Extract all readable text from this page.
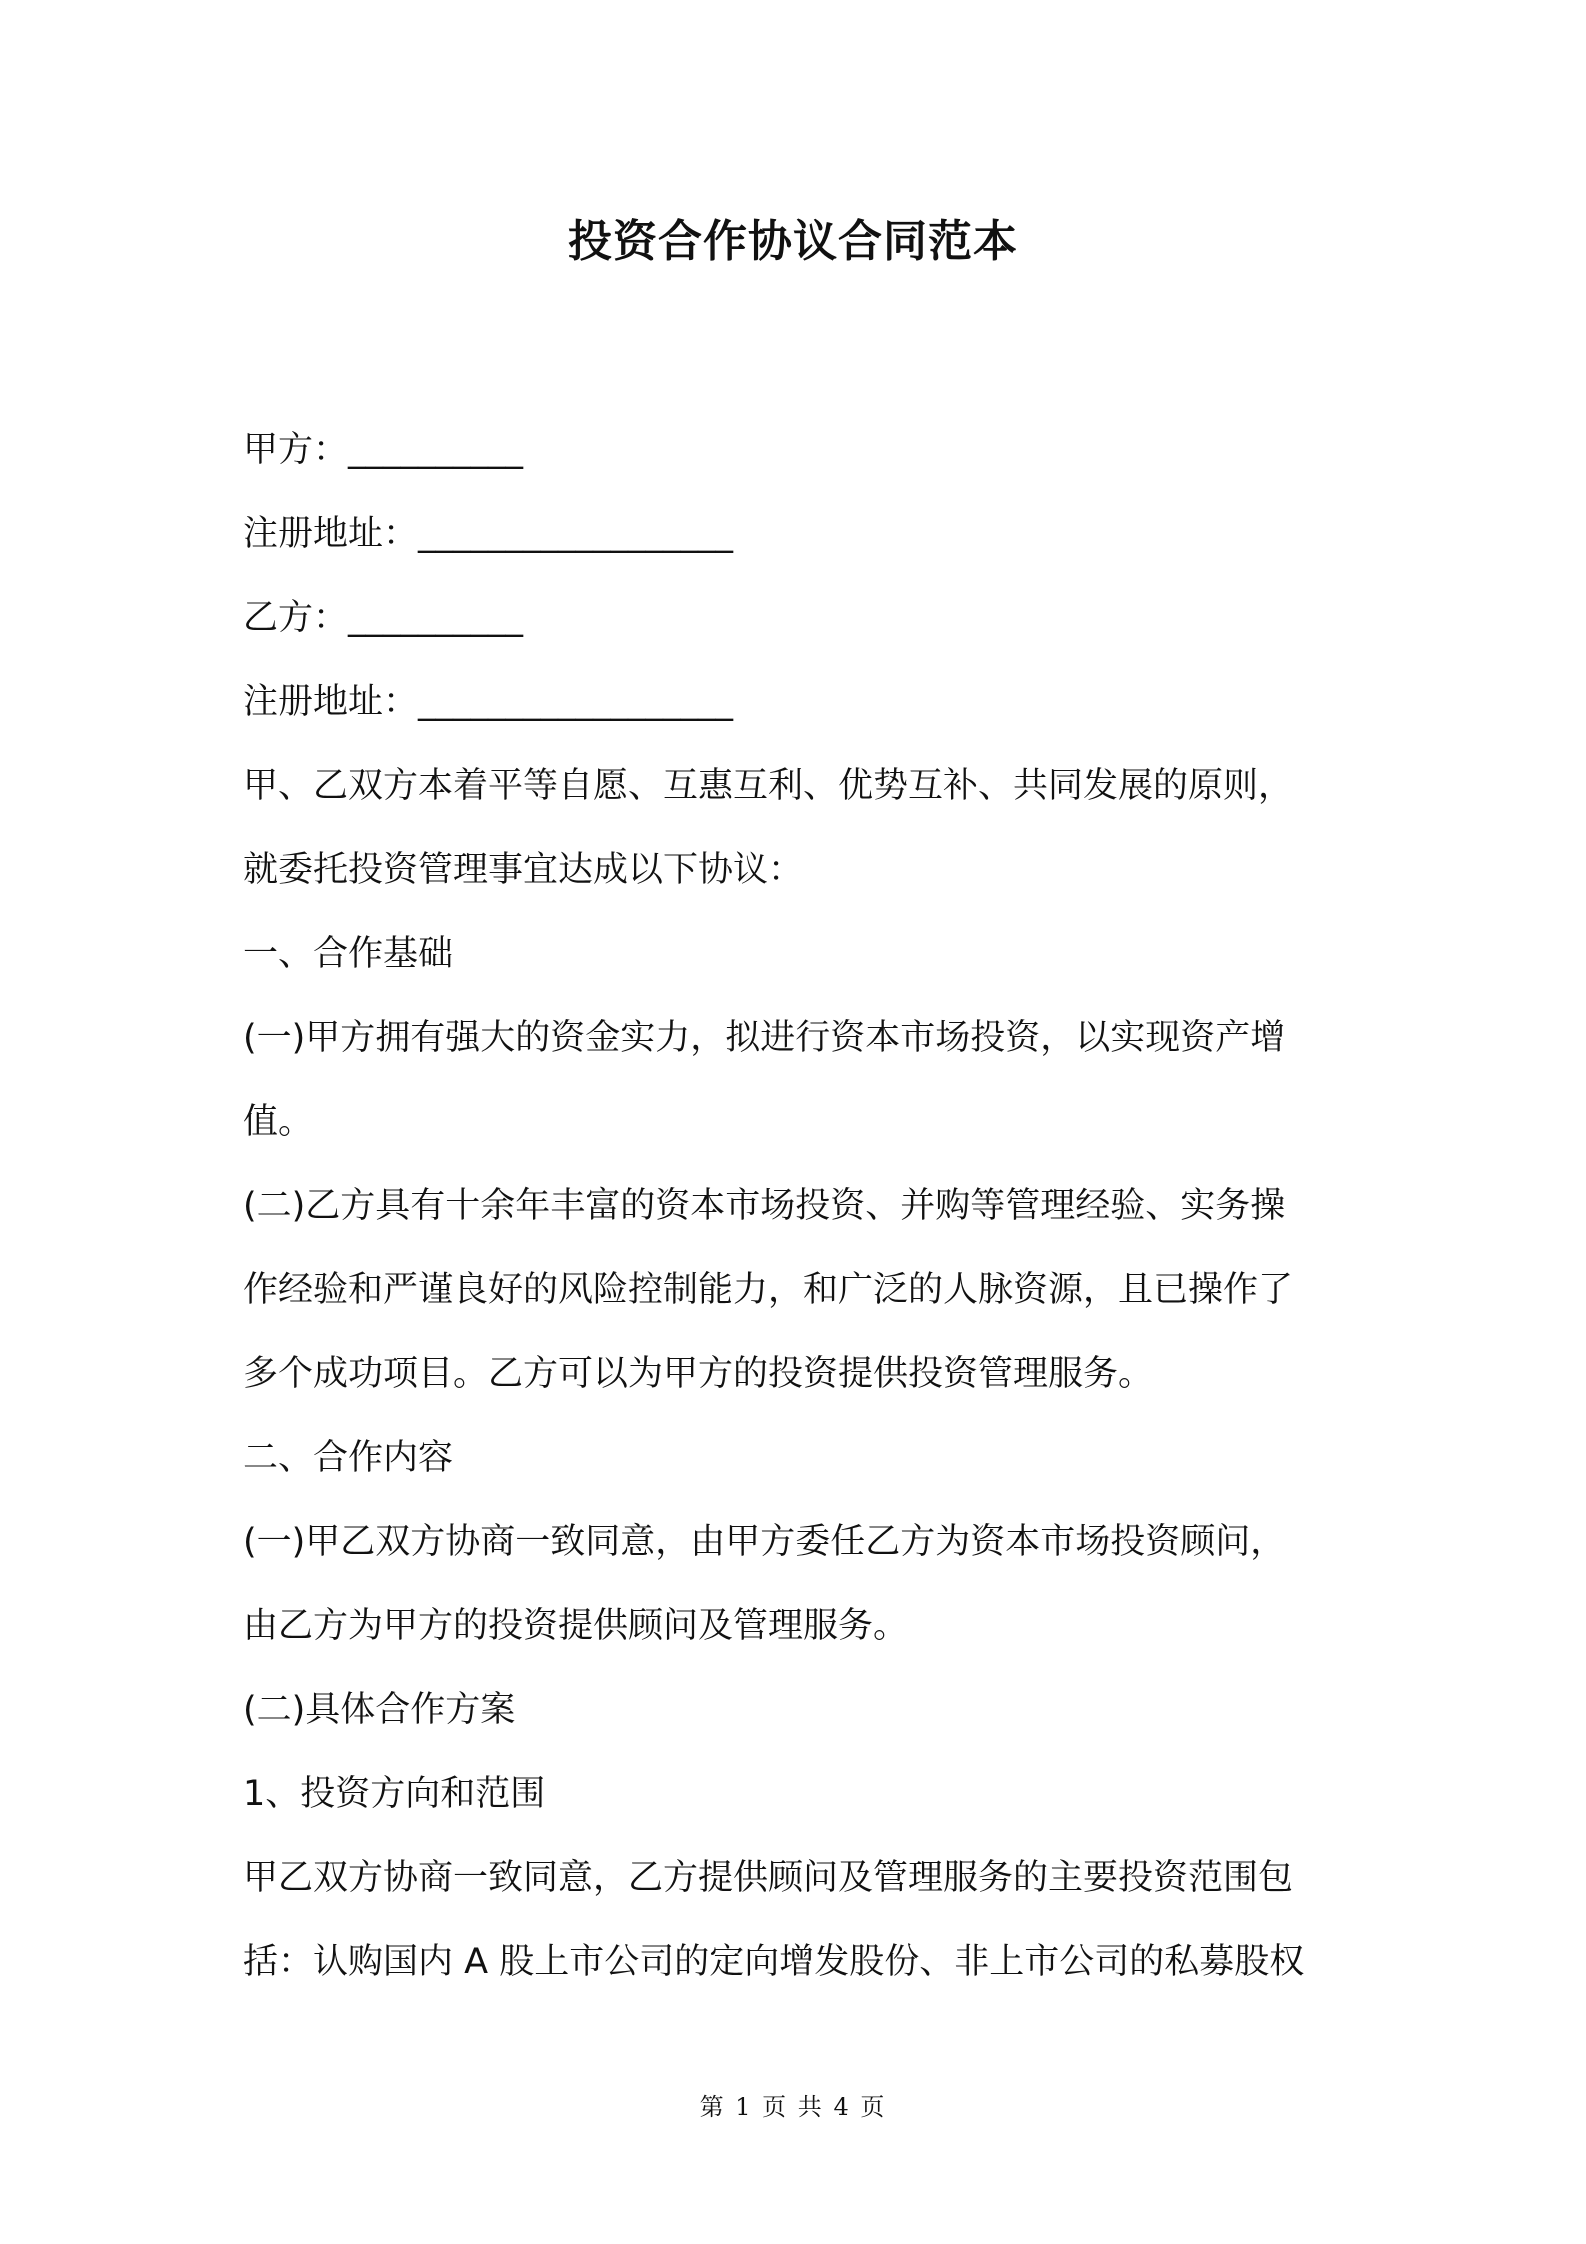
投资合作协议合同范本
甲方：__________
注册地址：__________________
乙方：__________
注册地址：__________________
甲、乙双方本着平等自愿、互惠互利、优势互补、共同发展的原则，
就委托投资管理事宜达成以下协议：
一、合作基础
(一)甲方拥有强大的资金实力，拟进行资本市场投资，以实现资产增
值。
(二)乙方具有十余年丰富的资本市场投资、并购等管理经验、实务操
作经验和严谨良好的风险控制能力，和广泛的人脉资源，且已操作了
多个成功项目。乙方可以为甲方的投资提供投资管理服务。
二、合作内容
(一)甲乙双方协商一致同意，由甲方委任乙方为资本市场投资顾问，
由乙方为甲方的投资提供顾问及管理服务。
(二)具体合作方案
1、投资方向和范围
甲乙双方协商一致同意，乙方提供顾问及管理服务的主要投资范围包
括：认购国内 A 股上市公司的定向增发股份、非上市公司的私募股权
第 1 页 共 4 页
